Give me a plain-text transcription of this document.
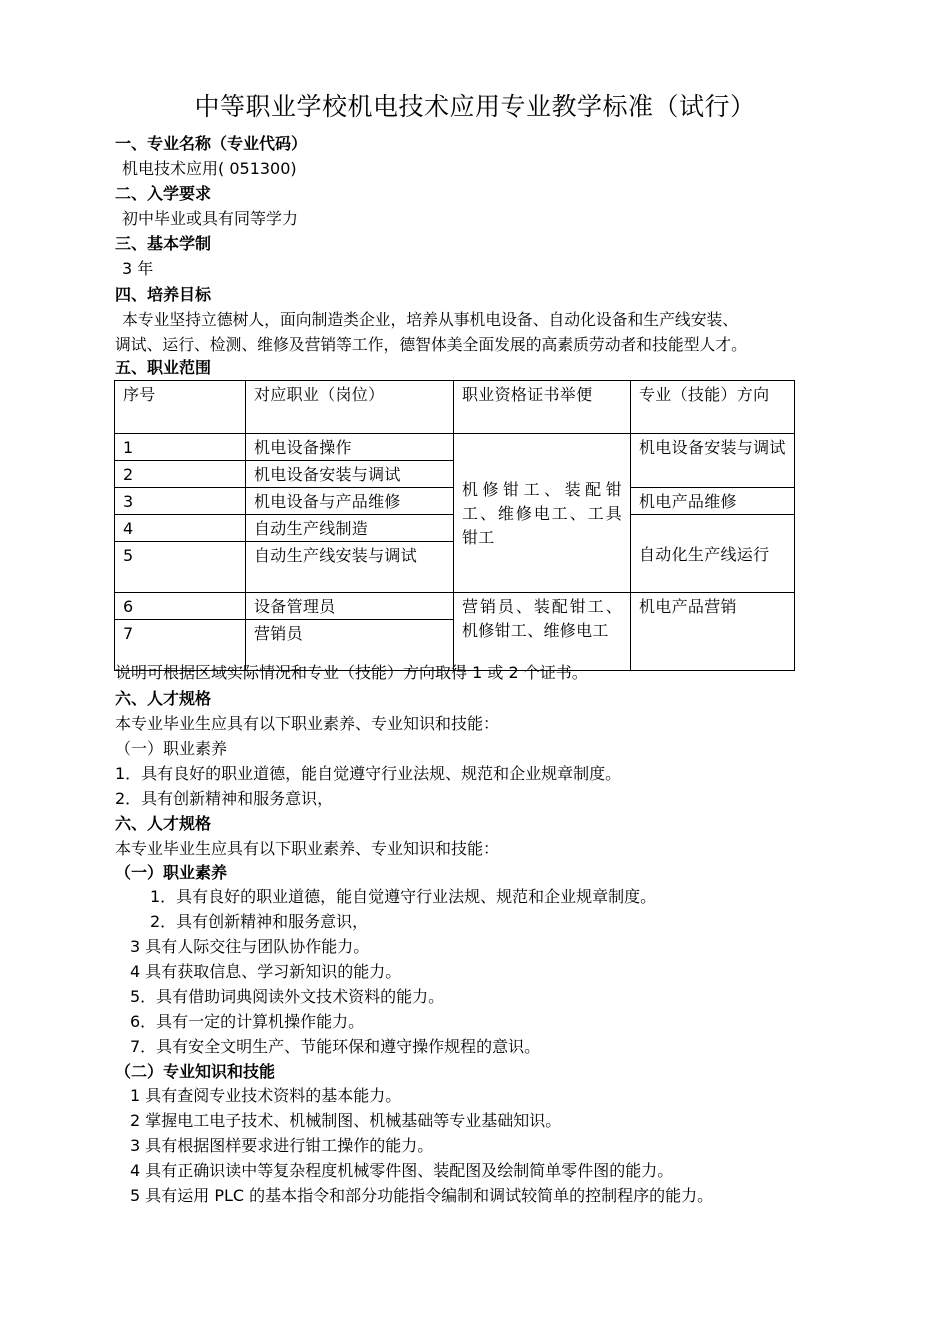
中等职业学校机电技术应用专业教学标准（试行）
一、专业名称（专业代码）
机电技术应用( 051300)
二、入学要求
初中毕业或具有同等学力
三、基本学制
3 年
四、培养目标
本专业坚持立德树人，面向制造类企业，培养从事机电设备、自动化设备和生产线安装、
调试、运行、检测、维修及营销等工作，德智体美全面发展的高素质劳动者和技能型人才。
五、职业范围
序号	对应职业（岗位）	职业资格证书举便	专业（技能）方向
1	机电设备操作	机修钳工、装配钳工、维修电工、工具钳工	机电设备安装与调试
2	机电设备安装与调试		
3	机电设备与产品维修		机电产品维修
4	自动生产线制造		自动化生产线运行
5	自动生产线安装与调试		
6	设备管理员	营销员、装配钳工、机修钳工、维修电工	机电产品营销
7	营销员		
说明可根据区域实际情况和专业（技能）方向取得 1 或 2 个证书。
六、人才规格
本专业毕业生应具有以下职业素养、专业知识和技能：
（一）职业素养
1．具有良好的职业道德，能自觉遵守行业法规、规范和企业规章制度。
2．具有创新精神和服务意识，
六、人才规格
本专业毕业生应具有以下职业素养、专业知识和技能：
（一）职业素养
1．具有良好的职业道德，能自觉遵守行业法规、规范和企业规章制度。
2．具有创新精神和服务意识，
3 具有人际交往与团队协作能力。
4 具有获取信息、学习新知识的能力。
5．具有借助词典阅读外文技术资料的能力。
6．具有一定的计算机操作能力。
7．具有安全文明生产、节能环保和遵守操作规程的意识。
（二）专业知识和技能
1 具有查阅专业技术资料的基本能力。
2 掌握电工电子技术、机械制图、机械基础等专业基础知识。
3 具有根据图样要求进行钳工操作的能力。
4 具有正确识读中等复杂程度机械零件图、装配图及绘制简单零件图的能力。
5 具有运用 PLC 的基本指令和部分功能指令编制和调试较简单的控制程序的能力。
